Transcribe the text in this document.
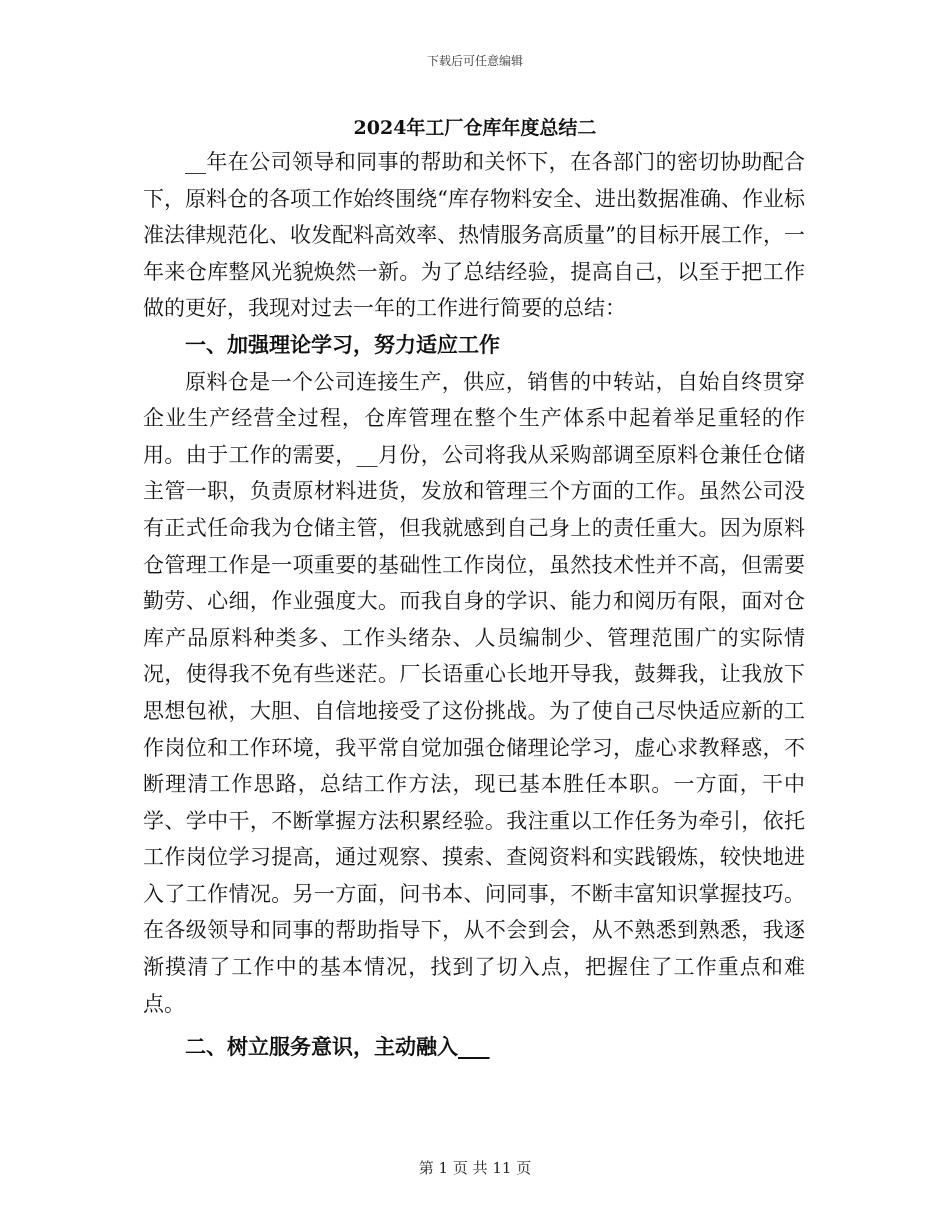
下载后可任意编辑
2024年工厂仓库年度总结二

__年在公司领导和同事的帮助和关怀下，在各部门的密切协助配合下，原料仓的各项工作始终围绕“库存物料安全、进出数据准确、作业标准法律规范化、收发配料高效率、热情服务高质量”的目标开展工作，一年来仓库整风光貌焕然一新。为了总结经验，提高自己，以至于把工作做的更好，我现对过去一年的工作进行简要的总结：

一、加强理论学习，努力适应工作

原料仓是一个公司连接生产，供应，销售的中转站，自始自终贯穿企业生产经营全过程，仓库管理在整个生产体系中起着举足重轻的作用。由于工作的需要，__月份，公司将我从采购部调至原料仓兼任仓储主管一职，负责原材料进货，发放和管理三个方面的工作。虽然公司没有正式任命我为仓储主管，但我就感到自己身上的责任重大。因为原料仓管理工作是一项重要的基础性工作岗位，虽然技术性并不高，但需要勤劳、心细，作业强度大。而我自身的学识、能力和阅历有限，面对仓库产品原料种类多、工作头绪杂、人员编制少、管理范围广的实际情况，使得我不免有些迷茫。厂长语重心长地开导我，鼓舞我，让我放下思想包袱，大胆、自信地接受了这份挑战。为了使自己尽快适应新的工作岗位和工作环境，我平常自觉加强仓储理论学习，虚心求教释惑，不断理清工作思路，总结工作方法，现已基本胜任本职。一方面，干中学、学中干，不断掌握方法积累经验。我注重以工作任务为牵引，依托工作岗位学习提高，通过观察、摸索、查阅资料和实践锻炼，较快地进入了工作情况。另一方面，问书本、问同事，不断丰富知识掌握技巧。在各级领导和同事的帮助指导下，从不会到会，从不熟悉到熟悉，我逐渐摸清了工作中的基本情况，找到了切入点，把握住了工作重点和难点。

二、树立服务意识，主动融入___
第 1 页 共 11 页
